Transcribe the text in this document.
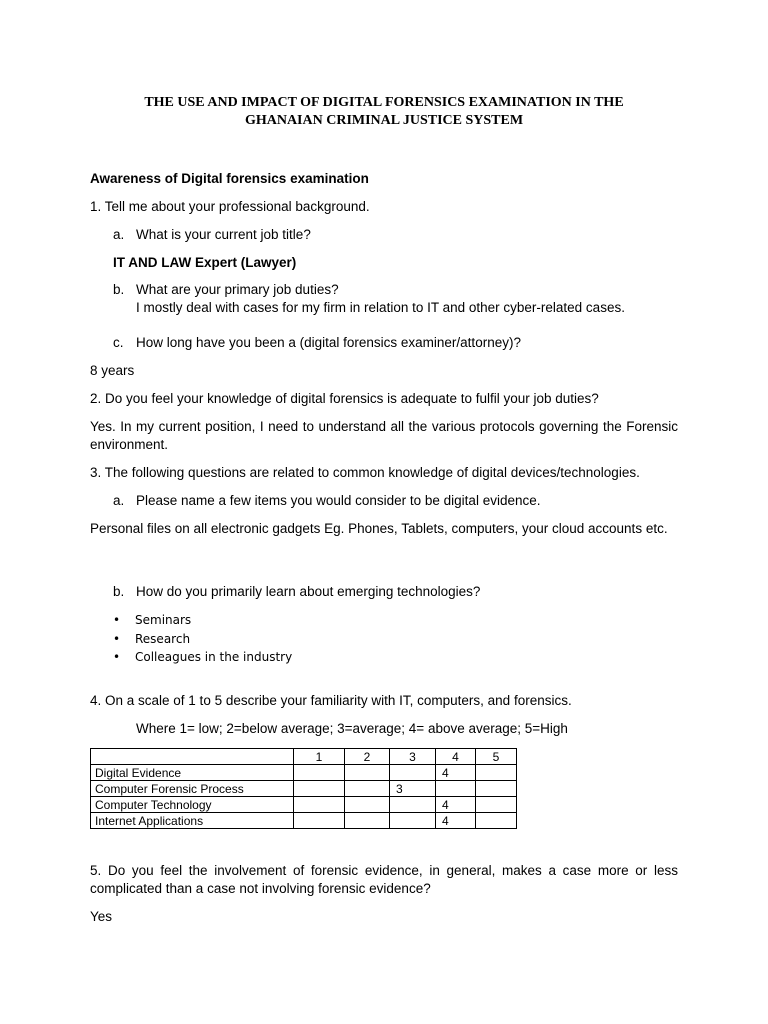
THE USE AND IMPACT OF DIGITAL FORENSICS EXAMINATION IN THE
GHANAIAN CRIMINAL JUSTICE SYSTEM
Awareness of Digital forensics examination
1. Tell me about your professional background.
a. What is your current job title?
IT AND LAW Expert (Lawyer)
b. What are your primary job duties?
I mostly deal with cases for my firm in relation to IT and other cyber-related cases.
c. How long have you been a (digital forensics examiner/attorney)?
8 years
2. Do you feel your knowledge of digital forensics is adequate to fulfil your job duties?
Yes. In my current position, I need to understand all the various protocols governing the Forensic environment.
3. The following questions are related to common knowledge of digital devices/technologies.
a. Please name a few items you would consider to be digital evidence.
Personal files on all electronic gadgets Eg. Phones, Tablets, computers, your cloud accounts etc.
b. How do you primarily learn about emerging technologies?
• Seminars
• Research
• Colleagues in the industry
4. On a scale of 1 to 5 describe your familiarity with IT, computers, and forensics.
Where 1= low; 2=below average; 3=average; 4= above average; 5=High
	1	2	3	4	5
Digital Evidence				4	
Computer Forensic Process			3		
Computer Technology				4	
Internet Applications				4	
5. Do you feel the involvement of forensic evidence, in general, makes a case more or less complicated than a case not involving forensic evidence?
Yes
